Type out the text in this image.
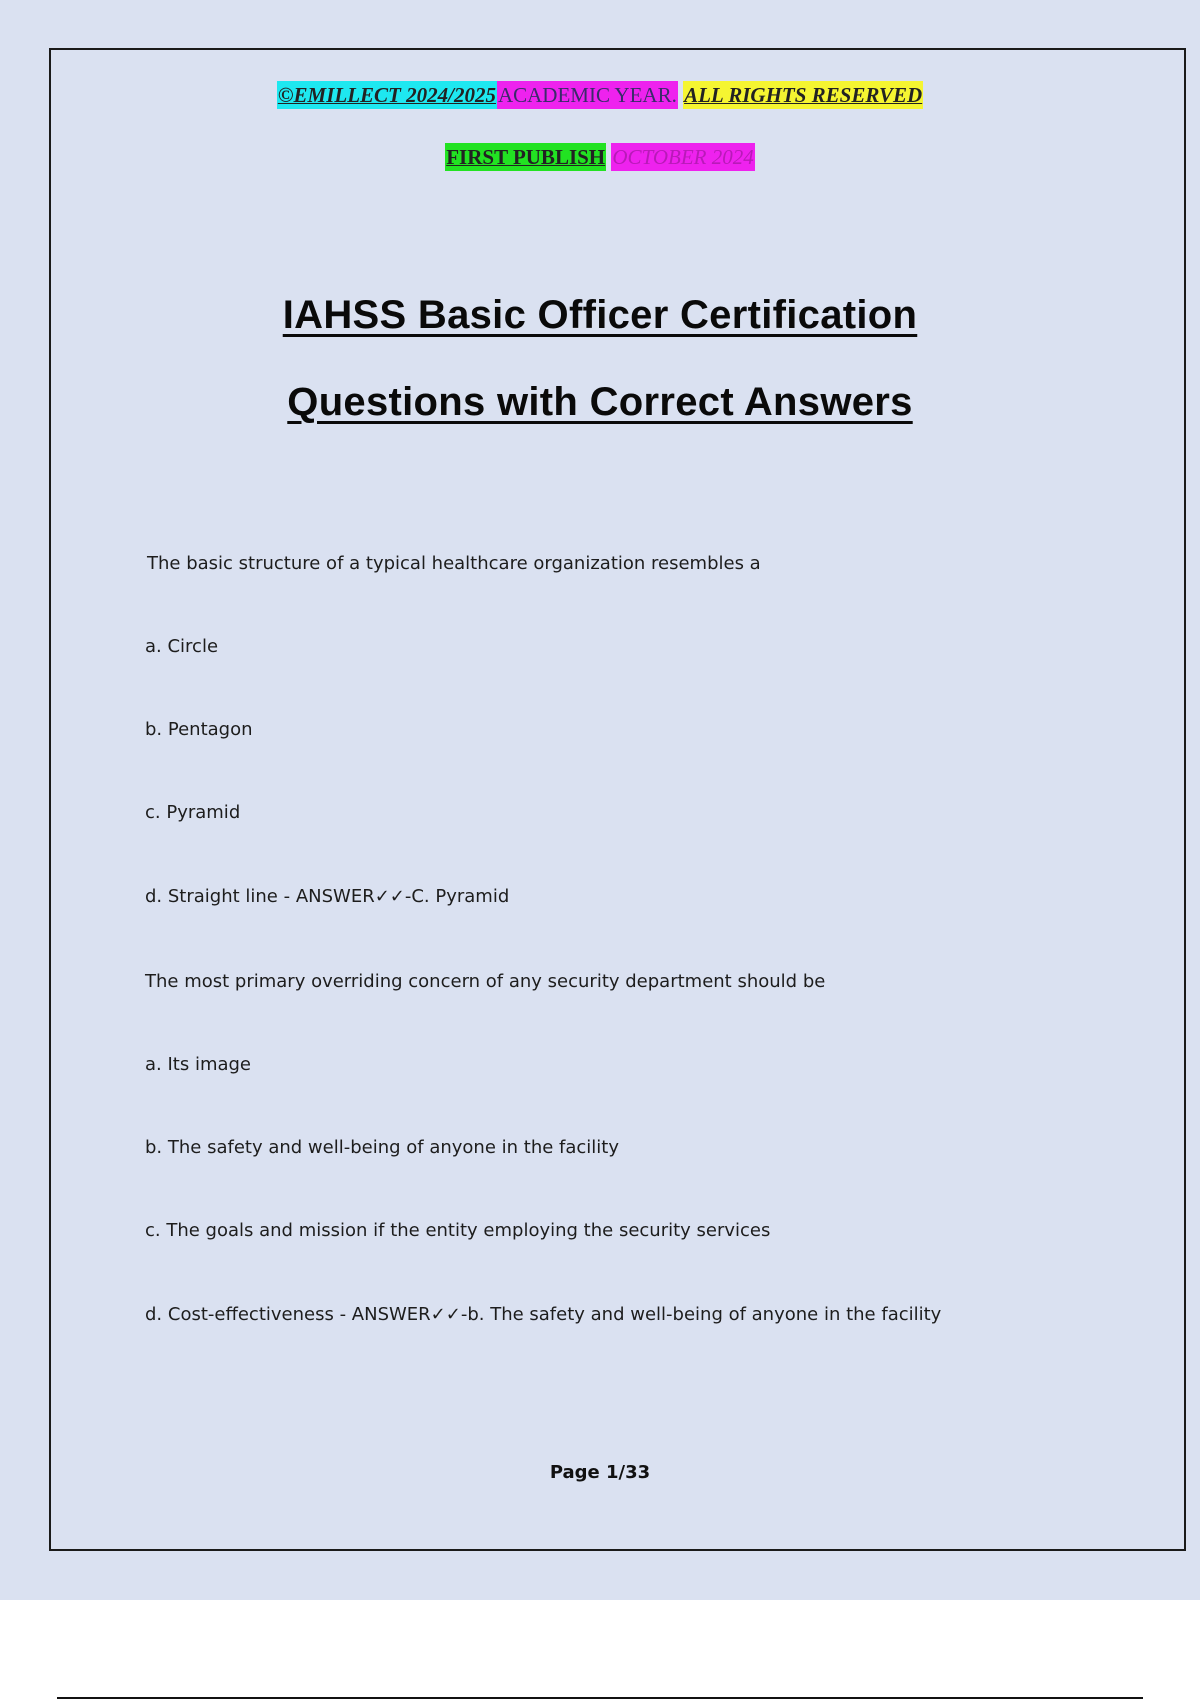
©EMILLECT 2024/2025ACADEMIC YEAR. ALL RIGHTS RESERVED
FIRST PUBLISH OCTOBER 2024
IAHSS Basic Officer Certification
Questions with Correct Answers
The basic structure of a typical healthcare organization resembles a
a. Circle
b. Pentagon
c. Pyramid
d. Straight line - ANSWER✓✓-C. Pyramid
The most primary overriding concern of any security department should be
a. Its image
b. The safety and well-being of anyone in the facility
c. The goals and mission if the entity employing the security services
d. Cost-effectiveness - ANSWER✓✓-b. The safety and well-being of anyone in the facility
Page 1/33
